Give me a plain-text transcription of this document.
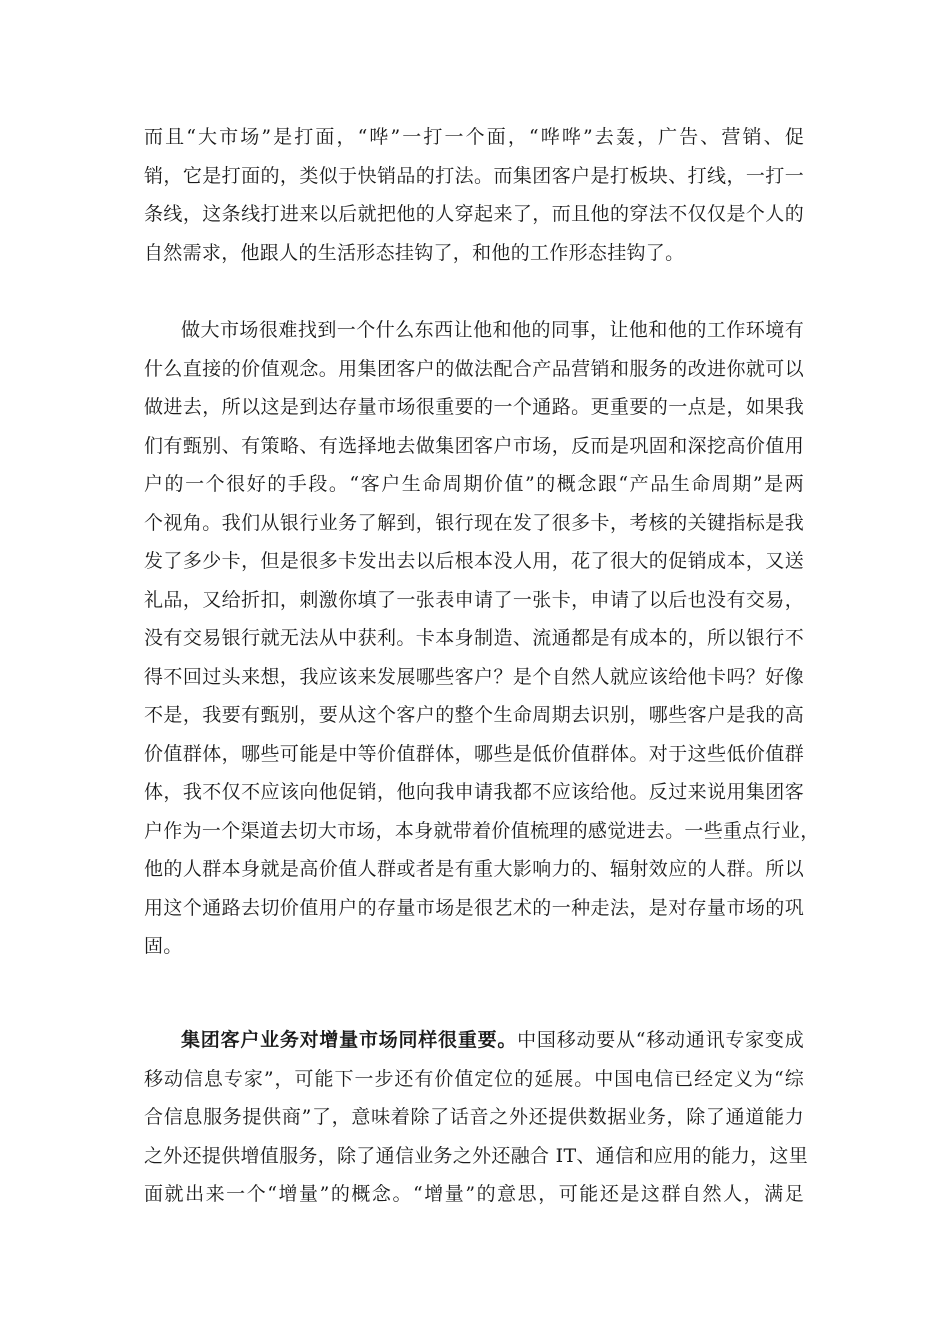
而且“大市场”是打面，“哗”一打一个面，“哗哗”去轰，广告、营销、促
销，它是打面的，类似于快销品的打法。而集团客户是打板块、打线，一打一
条线，这条线打进来以后就把他的人穿起来了，而且他的穿法不仅仅是个人的
自然需求，他跟人的生活形态挂钩了，和他的工作形态挂钩了。
做大市场很难找到一个什么东西让他和他的同事，让他和他的工作环境有
什么直接的价值观念。用集团客户的做法配合产品营销和服务的改进你就可以
做进去，所以这是到达存量市场很重要的一个通路。更重要的一点是，如果我
们有甄别、有策略、有选择地去做集团客户市场，反而是巩固和深挖高价值用
户的一个很好的手段。“客户生命周期价值”的概念跟“产品生命周期”是两
个视角。我们从银行业务了解到，银行现在发了很多卡，考核的关键指标是我
发了多少卡，但是很多卡发出去以后根本没人用，花了很大的促销成本，又送
礼品，又给折扣，刺激你填了一张表申请了一张卡，申请了以后也没有交易，
没有交易银行就无法从中获利。卡本身制造、流通都是有成本的，所以银行不
得不回过头来想，我应该来发展哪些客户？是个自然人就应该给他卡吗？好像
不是，我要有甄别，要从这个客户的整个生命周期去识别，哪些客户是我的高
价值群体，哪些可能是中等价值群体，哪些是低价值群体。对于这些低价值群
体，我不仅不应该向他促销，他向我申请我都不应该给他。反过来说用集团客
户作为一个渠道去切大市场，本身就带着价值梳理的感觉进去。一些重点行业，
他的人群本身就是高价值人群或者是有重大影响力的、辐射效应的人群。所以
用这个通路去切价值用户的存量市场是很艺术的一种走法，是对存量市场的巩
固。
集团客户业务对增量市场同样很重要。中国移动要从“移动通讯专家变成
移动信息专家”，可能下一步还有价值定位的延展。中国电信已经定义为“综
合信息服务提供商”了，意味着除了话音之外还提供数据业务，除了通道能力
之外还提供增值服务，除了通信业务之外还融合 IT、通信和应用的能力，这里
面就出来一个“增量”的概念。“增量”的意思，可能还是这群自然人，满足
